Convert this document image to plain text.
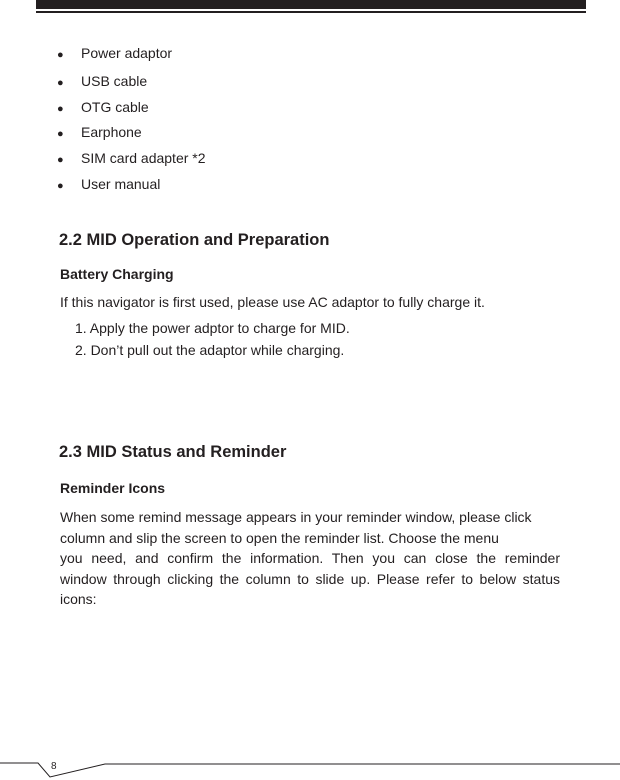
● Power adaptor
● USB cable
● OTG cable
● Earphone
● SIM card adapter *2
● User manual
2.2 MID Operation and Preparation
Battery Charging
If this navigator is first used, please use AC adaptor to fully charge it.
1. Apply the power adptor to charge for MID.
2. Don’t pull out the adaptor while charging.
2.3 MID Status and Reminder
Reminder Icons
When some remind message appears in your reminder window, please click
column and slip the screen to open the reminder list. Choose the menu
you need, and confirm the information. Then you can close the reminder
window through clicking the column to slide up. Please refer to below status
icons:
8
